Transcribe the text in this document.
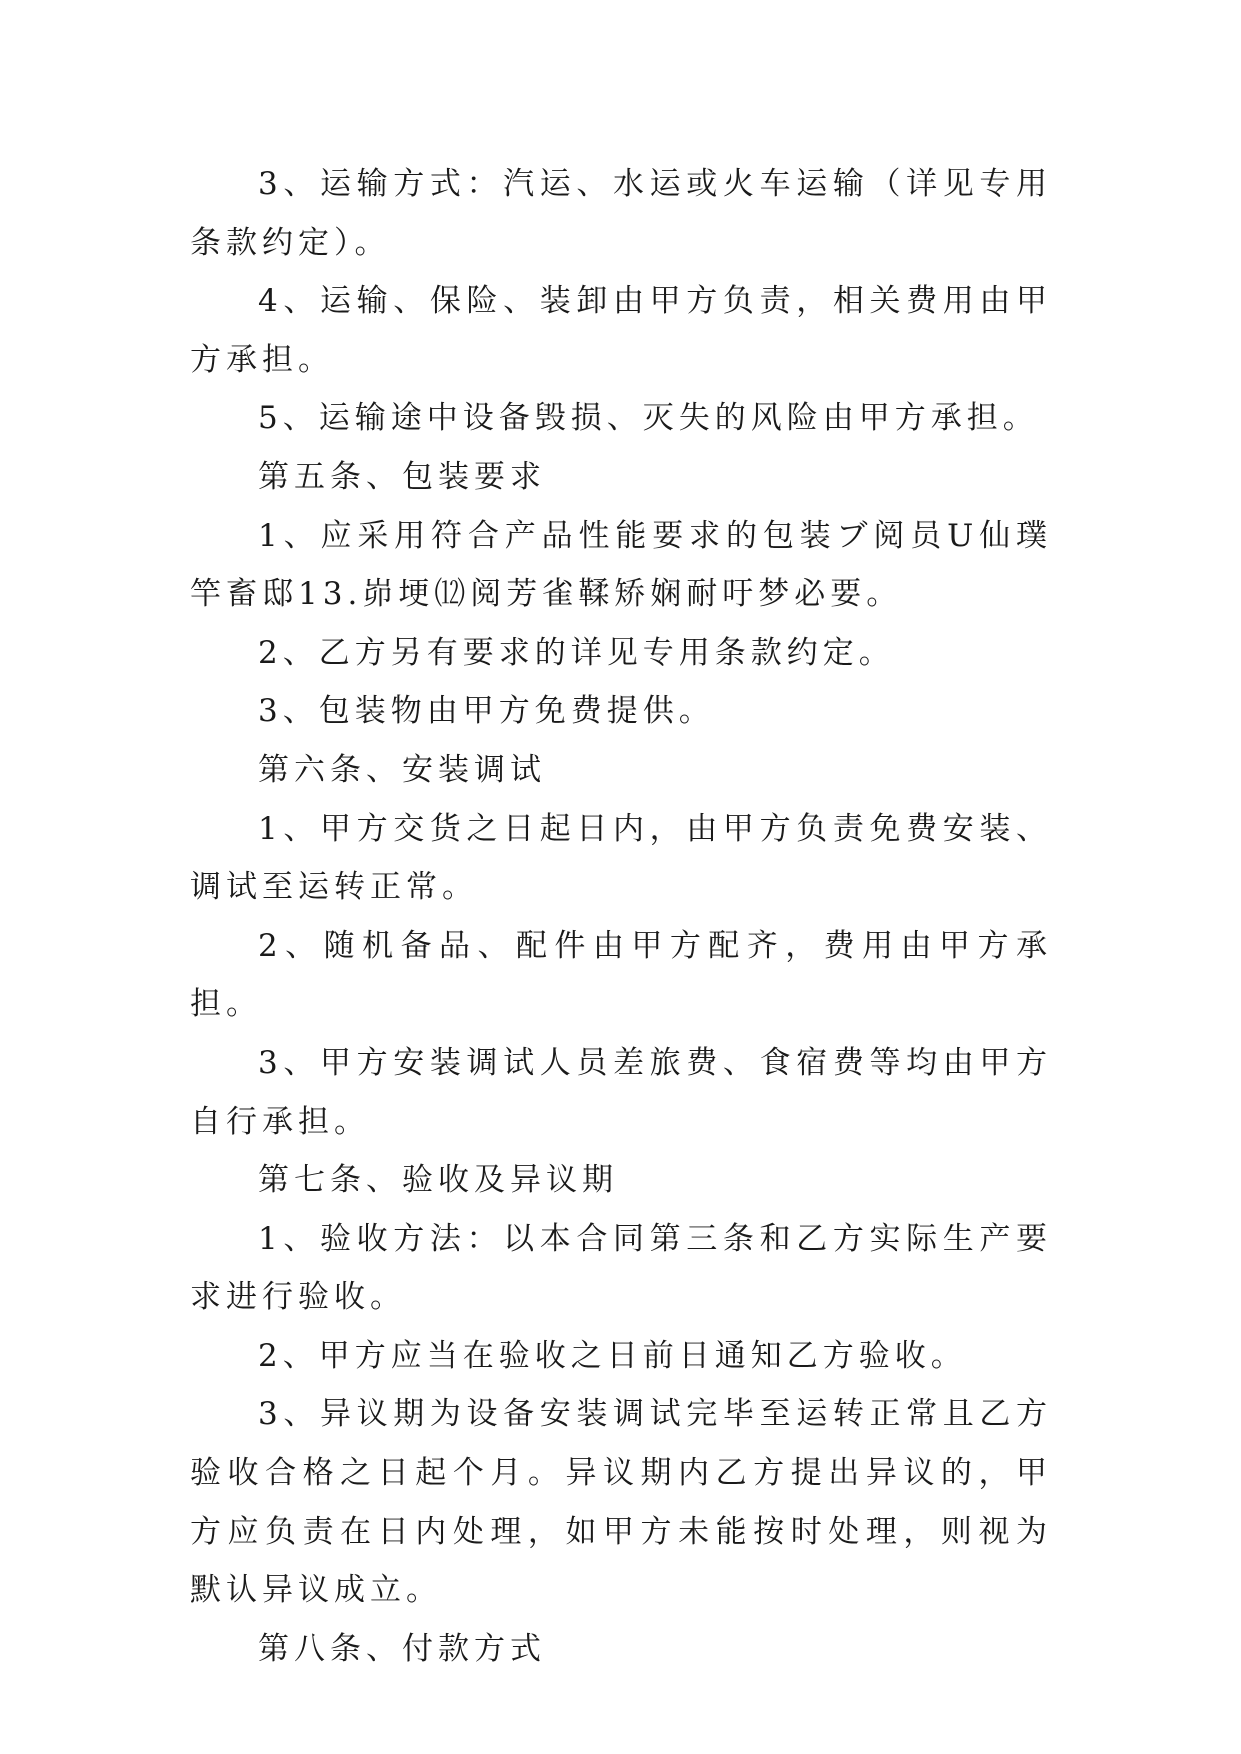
3、运输方式：汽运、水运或火车运输（详见专用条款约定）。

4、运输、保险、装卸由甲方负责，相关费用由甲方承担。

5、运输途中设备毁损、灭失的风险由甲方承担。

第五条、包装要求

1、应采用符合产品性能要求的包装ブ阅员U仙璞竿畜邸13.峁埂⑿阅芳雀鞣矫娴耐吁梦必要。

2、乙方另有要求的详见专用条款约定。

3、包装物由甲方免费提供。

第六条、安装调试

1、甲方交货之日起日内，由甲方负责免费安装、调试至运转正常。

2、随机备品、配件由甲方配齐，费用由甲方承担。

3、甲方安装调试人员差旅费、食宿费等均由甲方自行承担。

第七条、验收及异议期

1、验收方法：以本合同第三条和乙方实际生产要求进行验收。

2、甲方应当在验收之日前日通知乙方验收。

3、异议期为设备安装调试完毕至运转正常且乙方验收合格之日起个月。异议期内乙方提出异议的，甲方应负责在日内处理，如甲方未能按时处理，则视为默认异议成立。

第八条、付款方式
